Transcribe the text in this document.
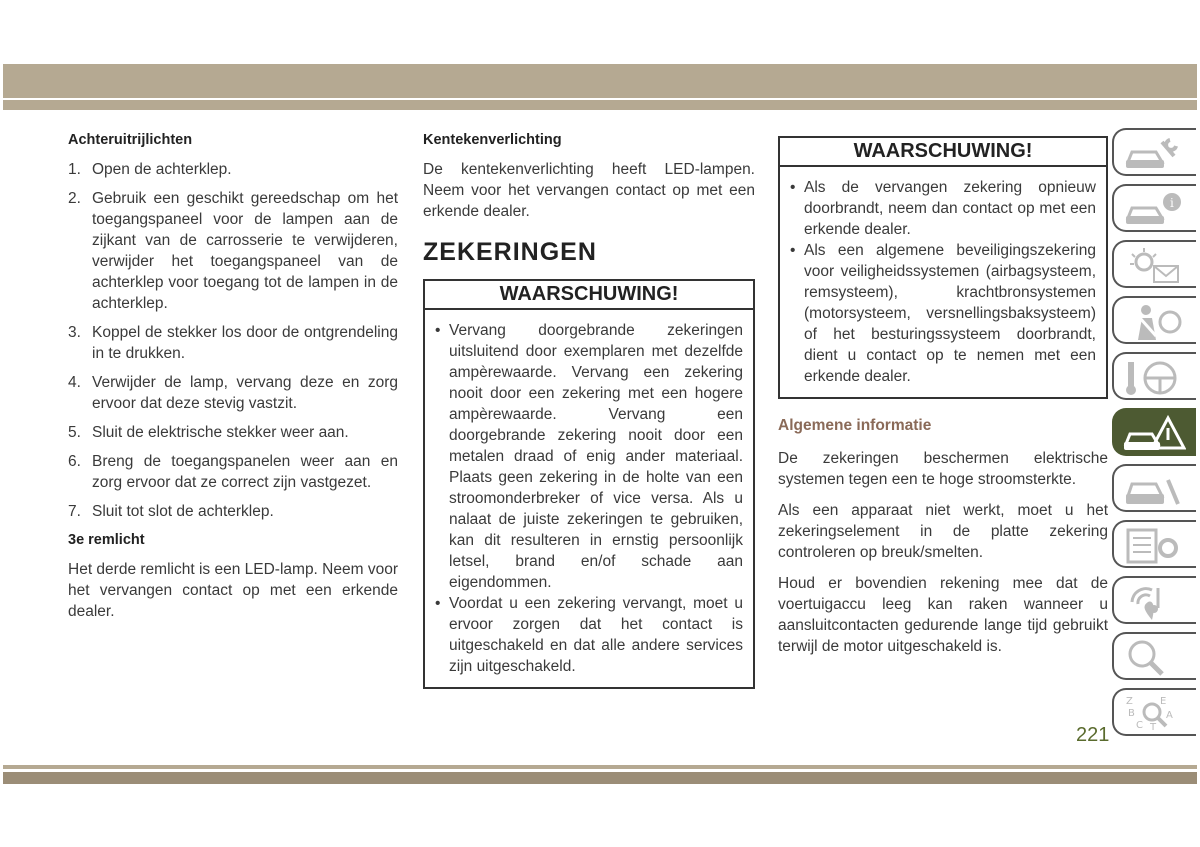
Achteruitrijlichten
1. Open de achterklep.
2. Gebruik een geschikt gereedschap om het toegangspaneel voor de lampen aan de zijkant van de carrosserie te verwijderen, verwijder het toegangspaneel van de achterklep voor toegang tot de lampen in de achterklep.
3. Koppel de stekker los door de ontgrendeling in te drukken.
4. Verwijder de lamp, vervang deze en zorg ervoor dat deze stevig vastzit.
5. Sluit de elektrische stekker weer aan.
6. Breng de toegangspanelen weer aan en zorg ervoor dat ze correct zijn vastgezet.
7. Sluit tot slot de achterklep.
3e remlicht

Het derde remlicht is een LED-lamp. Neem voor het vervangen contact op met een erkende dealer.

Kentekenverlichting

De kentekenverlichting heeft LED-lampen. Neem voor het vervangen contact op met een erkende dealer.

ZEKERINGEN
WAARSCHUWING!
• Vervang doorgebrande zekeringen uitsluitend door exemplaren met dezelfde ampèrewaarde. Vervang een zekering nooit door een zekering met een hogere ampèrewaarde. Vervang een doorgebrande zekering nooit door een metalen draad of enig ander materiaal. Plaats geen zekering in de holte van een stroomonderbreker of vice versa. Als u nalaat de juiste zekeringen te gebruiken, kan dit resulteren in ernstig persoonlijk letsel, brand en/of schade aan eigendommen.
• Voordat u een zekering vervangt, moet u ervoor zorgen dat het contact is uitgeschakeld en dat alle andere services zijn uitgeschakeld.
WAARSCHUWING!
• Als de vervangen zekering opnieuw doorbrandt, neem dan contact op met een erkende dealer.
• Als een algemene beveiligingszekering voor veiligheidssystemen (airbagsysteem, remsysteem), krachtbronsystemen (motorsysteem, versnellingsbaksysteem) of het besturingssysteem doorbrandt, dient u contact op te nemen met een erkende dealer.
Algemene informatie

De zekeringen beschermen elektrische systemen tegen een te hoge stroomsterkte.

Als een apparaat niet werkt, moet u het zekeringselement in de platte zekering controleren op breuk/smelten.

Houd er bovendien rekening mee dat de voertuigaccu leeg kan raken wanneer u aansluitcontacten gedurende lange tijd gebruikt terwijl de motor uitgeschakeld is.

i
Z	E
B	A
C T
221
